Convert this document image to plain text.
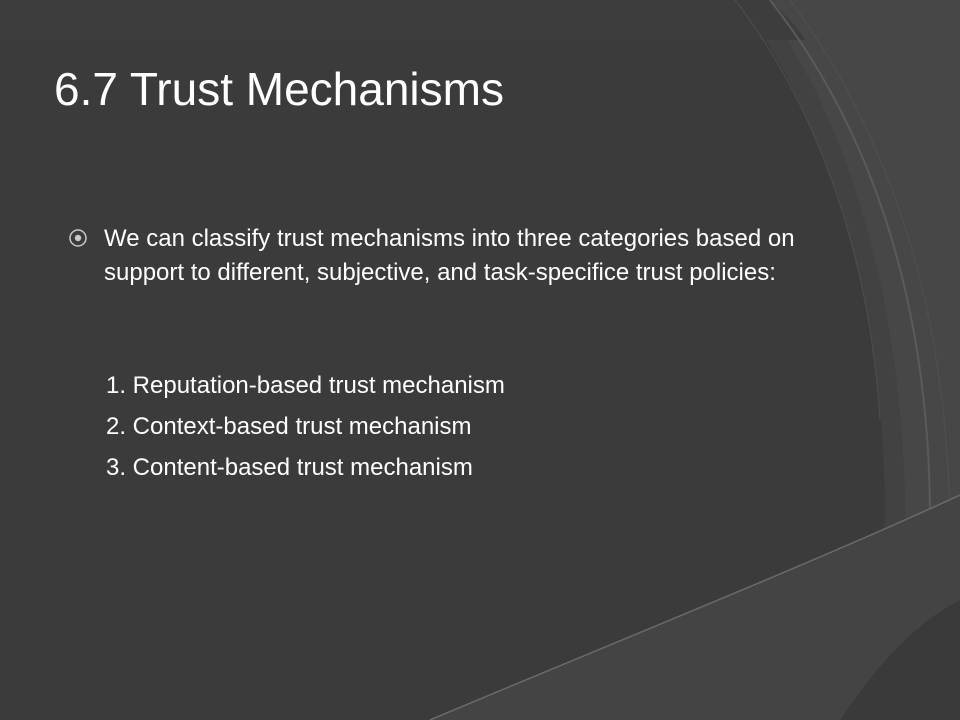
6.7 Trust Mechanisms

We can classify trust mechanisms into three categories based on support to different, subjective, and task-specifice trust policies:

1. Reputation-based trust mechanism
2. Context-based trust mechanism
3. Content-based trust mechanism
